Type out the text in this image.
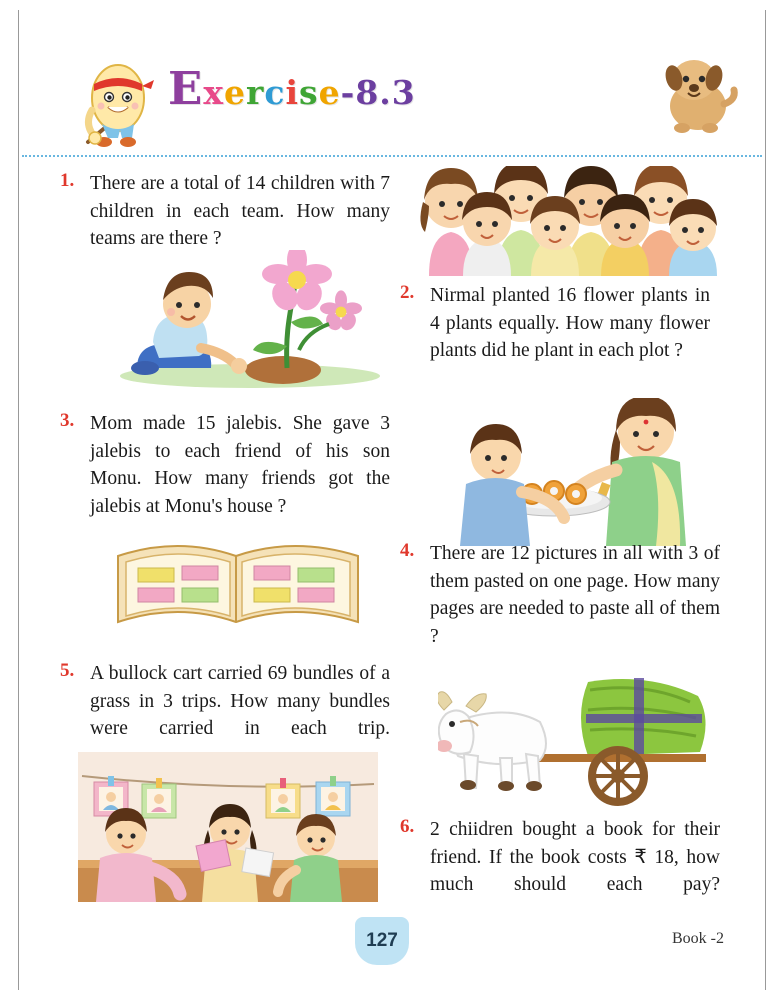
Exercise-8.3
1. There are a total of 14 children with 7 children in each team. How many teams are there ?
2. Nirmal planted 16 flower plants in 4 plants equally. How many flower plants did he plant in each plot ?
3. Mom made 15 jalebis. She gave 3 jalebis to each friend of his son Monu. How many friends got the jalebis at Monu's house ?
4. There are 12 pictures in all with 3 of them pasted on one page. How many pages are needed to paste all of them ?
5. A bullock cart carried 69 bundles of a grass in 3 trips. How many bundles were carried in each trip.
6. 2 chiidren bought a book for their friend. If the book costs ₹ 18, how much should each pay?
127	Book -2
